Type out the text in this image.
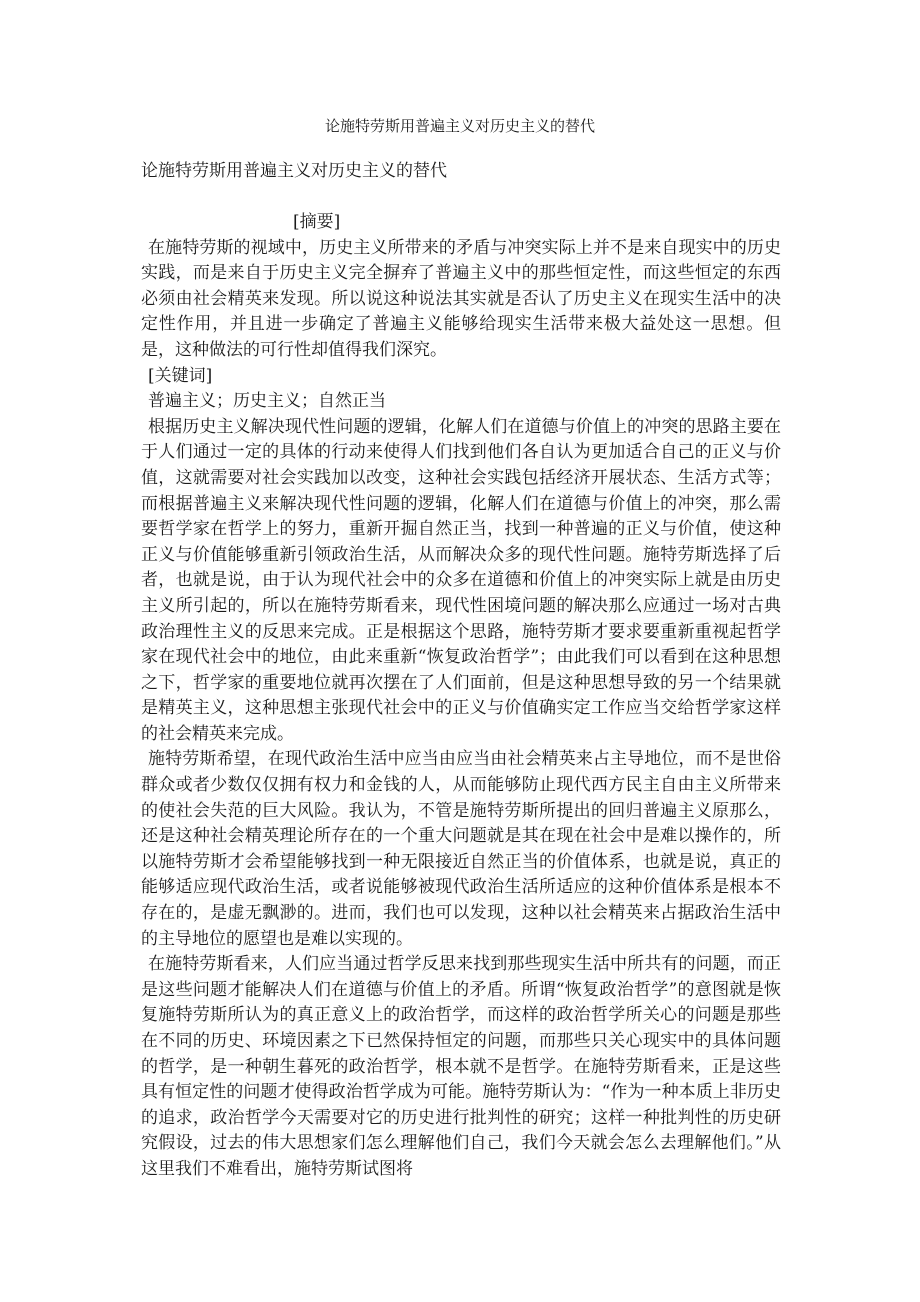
论施特劳斯用普遍主义对历史主义的替代
论施特劳斯用普遍主义对历史主义的替代

[摘要]

在施特劳斯的视域中，历史主义所带来的矛盾与冲突实际上并不是来自现实中的历史实践，而是来自于历史主义完全摒弃了普遍主义中的那些恒定性，而这些恒定的东西必须由社会精英来发现。所以说这种说法其实就是否认了历史主义在现实生活中的决定性作用，并且进一步确定了普遍主义能够给现实生活带来极大益处这一思想。但是，这种做法的可行性却值得我们深究。

[关键词]

普遍主义；历史主义；自然正当

根据历史主义解决现代性问题的逻辑，化解人们在道德与价值上的冲突的思路主要在于人们通过一定的具体的行动来使得人们找到他们各自认为更加适合自己的正义与价值，这就需要对社会实践加以改变，这种社会实践包括经济开展状态、生活方式等；而根据普遍主义来解决现代性问题的逻辑，化解人们在道德与价值上的冲突，那么需要哲学家在哲学上的努力，重新开掘自然正当，找到一种普遍的正义与价值，使这种正义与价值能够重新引领政治生活，从而解决众多的现代性问题。施特劳斯选择了后者，也就是说，由于认为现代社会中的众多在道德和价值上的冲突实际上就是由历史主义所引起的，所以在施特劳斯看来，现代性困境问题的解决那么应通过一场对古典政治理性主义的反思来完成。正是根据这个思路，施特劳斯才要求要重新重视起哲学家在现代社会中的地位，由此来重新“恢复政治哲学”；由此我们可以看到在这种思想之下，哲学家的重要地位就再次摆在了人们面前，但是这种思想导致的另一个结果就是精英主义，这种思想主张现代社会中的正义与价值确实定工作应当交给哲学家这样的社会精英来完成。

施特劳斯希望，在现代政治生活中应当由应当由社会精英来占主导地位，而不是世俗群众或者少数仅仅拥有权力和金钱的人，从而能够防止现代西方民主自由主义所带来的使社会失范的巨大风险。我认为，不管是施特劳斯所提出的回归普遍主义原那么，还是这种社会精英理论所存在的一个重大问题就是其在现在社会中是难以操作的，所以施特劳斯才会希望能够找到一种无限接近自然正当的价值体系，也就是说，真正的能够适应现代政治生活，或者说能够被现代政治生活所适应的这种价值体系是根本不存在的，是虚无飘渺的。进而，我们也可以发现，这种以社会精英来占据政治生活中的主导地位的愿望也是难以实现的。

在施特劳斯看来，人们应当通过哲学反思来找到那些现实生活中所共有的问题，而正是这些问题才能解决人们在道德与价值上的矛盾。所谓“恢复政治哲学”的意图就是恢复施特劳斯所认为的真正意义上的政治哲学，而这样的政治哲学所关心的问题是那些在不同的历史、环境因素之下已然保持恒定的问题，而那些只关心现实中的具体问题的哲学，是一种朝生暮死的政治哲学，根本就不是哲学。在施特劳斯看来，正是这些具有恒定性的问题才使得政治哲学成为可能。施特劳斯认为：“作为一种本质上非历史的追求，政治哲学今天需要对它的历史进行批判性的研究；这样一种批判性的历史研究假设，过去的伟大思想家们怎么理解他们自己，我们今天就会怎么去理解他们。”从这里我们不难看出，施特劳斯试图将
